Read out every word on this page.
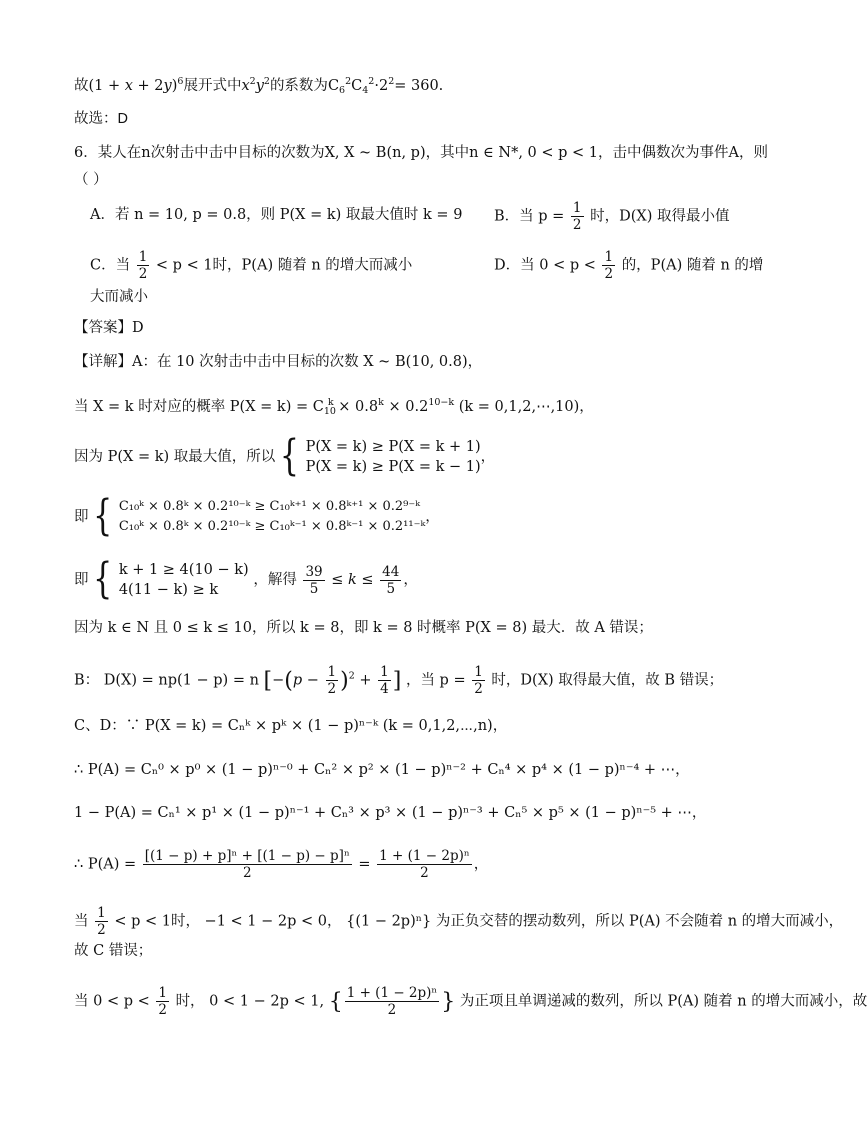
故$(1 + x + 2y)^6$展开式中$x^2y^2$的系数为$C_6^2C_4^2\cdot 2^2= 360$.
故选：D
6．某人在n次射击中击中目标的次数为X, X ~ B(n, p)，其中n ∈ N*, 0 < p < 1，击中偶数次为事件A，则
（ ）
A．若 n = 10, p = 0.8，则 P(X = k) 取最大值时 k = 9	B．当 $p = \frac{1}{2}$ 时，D(X) 取得最小值
C．当 $\frac{1}{2} < p < 1$时，P(A) 随着 n 的增大而减小	D．当 $0 < p < \frac{1}{2}$ 的，P(A) 随着 n 的增
大而减小
【答案】D
【详解】A：在 10 次射击中击中目标的次数 X ~ B(10, 0.8)，
当 X = k 时对应的概率 $P(X = k) = C_{10}^k \times 0.8^k \times 0.2^{10-k}$ (k = 0,1,2,⋯,10)，
因为 P(X = k) 取最大值，所以 { P(X = k) ≥ P(X = k + 1)
P(X = k) ≥ P(X = k − 1)
，
即 { C₁₀ᵏ × 0.8ᵏ × 0.2¹⁰⁻ᵏ ≥ C₁₀ᵏ⁺¹ × 0.8ᵏ⁺¹ × 0.2⁹⁻ᵏ
C₁₀ᵏ × 0.8ᵏ × 0.2¹⁰⁻ᵏ ≥ C₁₀ᵏ⁻¹ × 0.8ᵏ⁻¹ × 0.2¹¹⁻ᵏ
，
即 { k + 1 ≥ 4(10 − k)
4(11 − k) ≥ k
，解得 $\frac{39}{5} \le k \le \frac{44}{5}$ ，
因为 k ∈ N 且 0 ≤ k ≤ 10，所以 k = 8，即 k = 8 时概率 P(X = 8) 最大．故 A 错误；
B： D(X) = np(1 − p) = n [$-(p - \frac{1}{2} )^2 + \frac{1}{4}$ ] ，当 $p = \frac{1}{2}$ 时，D(X) 取得最大值，故 B 错误；
C、D：∵ P(X = k) = Cₙᵏ × pᵏ × (1 − p)ⁿ⁻ᵏ (k = 0,1,2,⋯,n)，
∴ P(A) = Cₙ⁰ × p⁰ × (1 − p)ⁿ⁻⁰ + Cₙ² × p² × (1 − p)ⁿ⁻² + Cₙ⁴ × p⁴ × (1 − p)ⁿ⁻⁴ + ⋯，
1 − P(A) = Cₙ¹ × p¹ × (1 − p)ⁿ⁻¹ + Cₙ³ × p³ × (1 − p)ⁿ⁻³ + Cₙ⁵ × p⁵ × (1 − p)ⁿ⁻⁵ + ⋯，
∴ $P(A) = \frac{\text{[(1 − p) + p]ⁿ + [(1 − p) − p]ⁿ}}{2} = \frac{\text{1 + (1 − 2p)ⁿ}}{2}$ ，
当 $\frac{1}{2} < p < 1$时， −1 < 1 − 2p < 0， {(1 − 2p)ⁿ} 为正负交替的摆动数列，所以 P(A) 不会随着 n 的增大而减小，
故 C 错误；
当 $0 < p < \frac{1}{2}$ 时， 0 < 1 − 2p < 1, { $\frac{\text{1 + (1 − 2p)ⁿ}}{2}$ } 为正项且单调递减的数列，所以 P(A) 随着 n 的增大而减小，故
